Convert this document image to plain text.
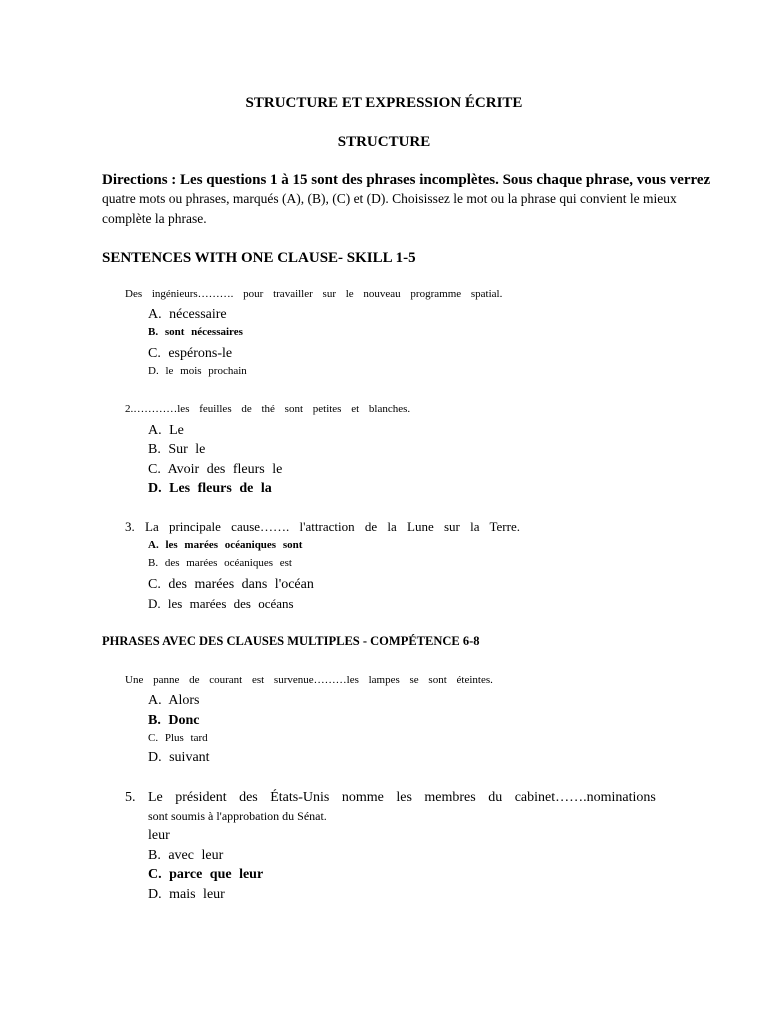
STRUCTURE ET EXPRESSION ÉCRITE
STRUCTURE
Directions : Les questions 1 à 15 sont des phrases incomplètes. Sous chaque phrase, vous verrez
quatre mots ou phrases, marqués (A), (B), (C) et (D). Choisissez le mot ou la phrase qui convient le mieux
complète la phrase.
SENTENCES WITH ONE CLAUSE- SKILL 1-5
Des ingénieurs………. pour travailler sur le nouveau programme spatial.
A. nécessaire
B. sont nécessaires
C. espérons-le
D. le mois prochain
2.…………les feuilles de thé sont petites et blanches.
A. Le
B. Sur le
C. Avoir des fleurs le
D. Les fleurs de la
3. La principale cause……. l'attraction de la Lune sur la Terre.
A. les marées océaniques sont
B. des marées océaniques est
C. des marées dans l'océan
D. les marées des océans
PHRASES AVEC DES CLAUSES MULTIPLES - COMPÉTENCE 6-8
Une panne de courant est survenue………les lampes se sont éteintes.
A. Alors
B. Donc
C. Plus tard
D. suivant
5. Le président des États-Unis nomme les membres du cabinet…….nominations
sont soumis à l'approbation du Sénat.
leur
B. avec leur
C. parce que leur
D. mais leur
